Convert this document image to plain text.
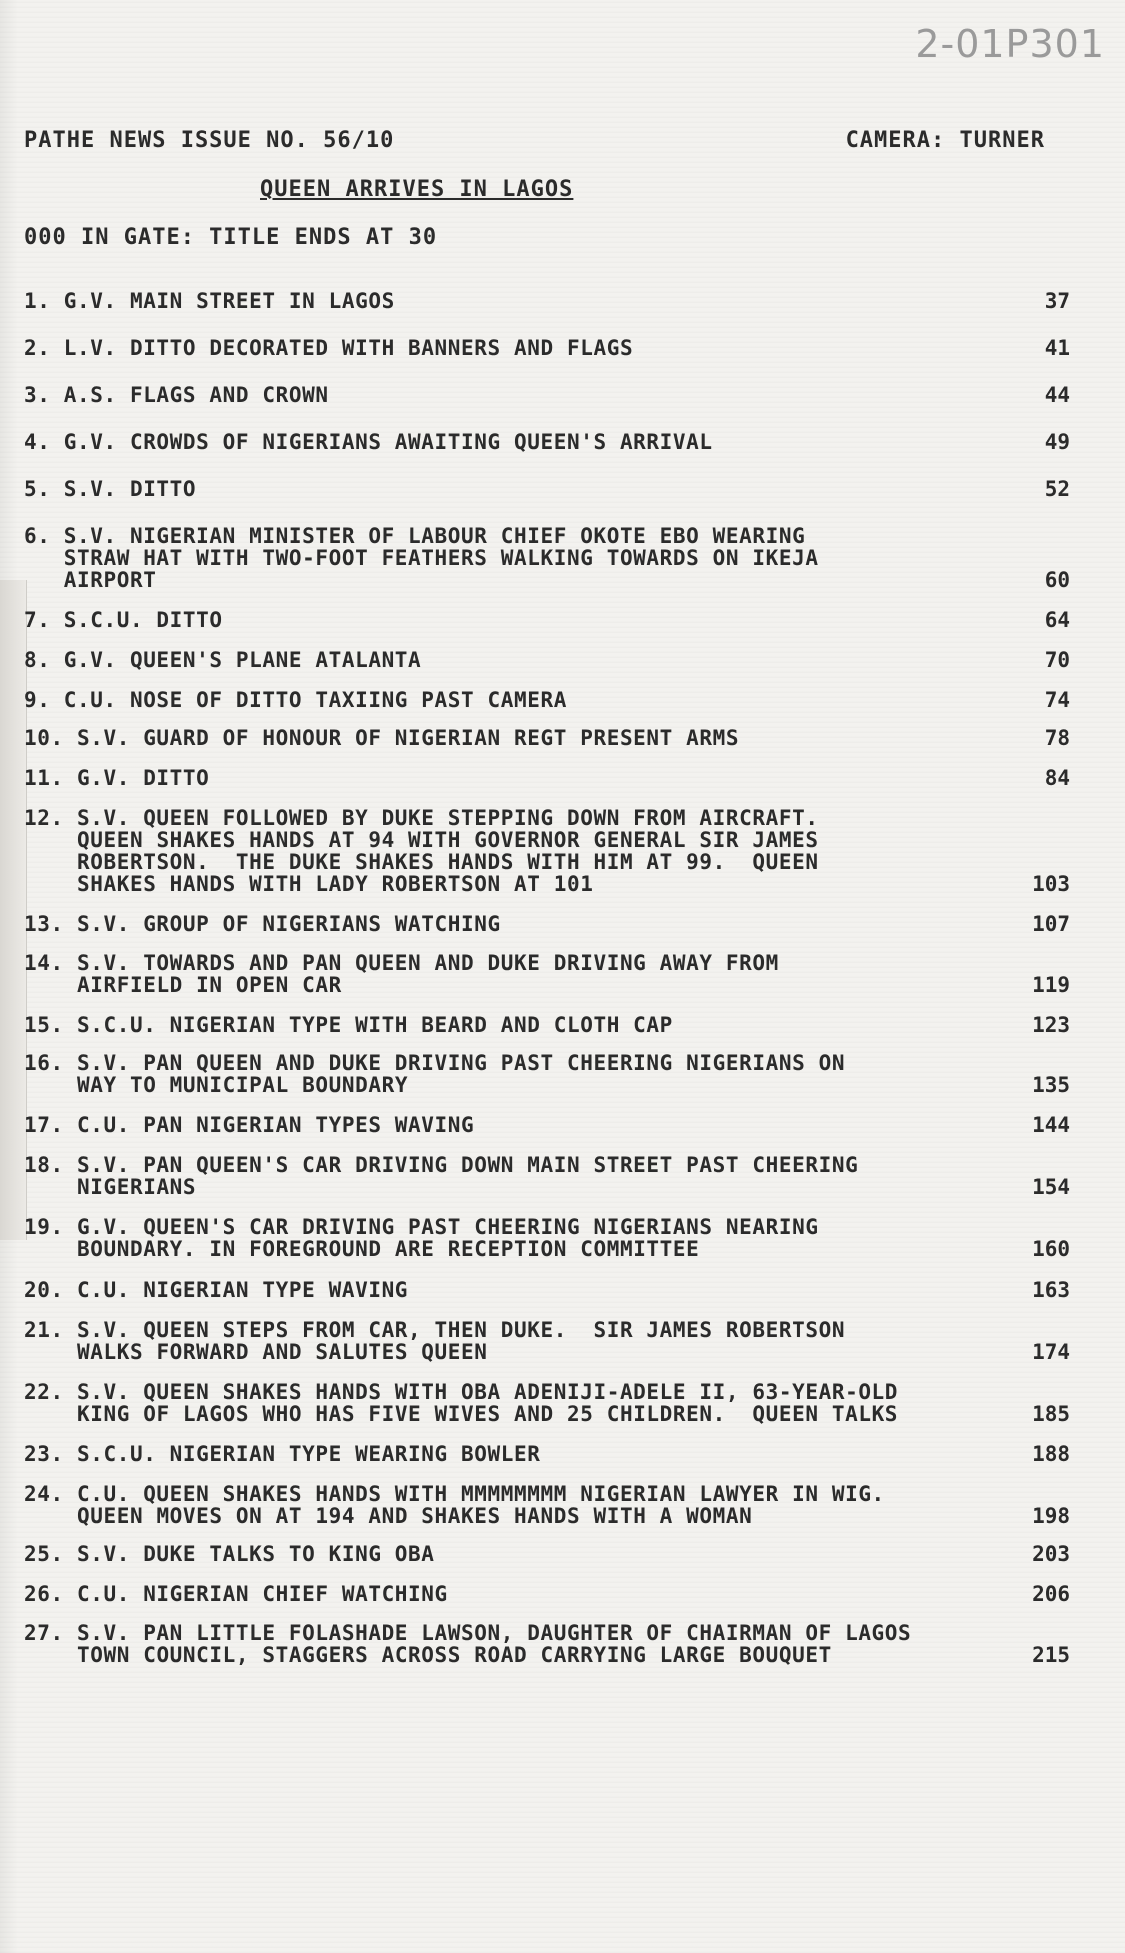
2-01P301
PATHE NEWS ISSUE NO. 56/10	CAMERA: TURNER
QUEEN ARRIVES IN LAGOS
000 IN GATE: TITLE ENDS AT 30
1. G.V. MAIN STREET IN LAGOS	37
2. L.V. DITTO DECORATED WITH BANNERS AND FLAGS	41
3. A.S. FLAGS AND CROWN	44
4. G.V. CROWDS OF NIGERIANS AWAITING QUEEN'S ARRIVAL	49
5. S.V. DITTO	52
6. S.V. NIGERIAN MINISTER OF LABOUR CHIEF OKOTE EBO WEARING
STRAW HAT WITH TWO-FOOT FEATHERS WALKING TOWARDS ON IKEJA
AIRPORT	60
7. S.C.U. DITTO	64
8. G.V. QUEEN'S PLANE ATALANTA	70
9. C.U. NOSE OF DITTO TAXIING PAST CAMERA	74
10. S.V. GUARD OF HONOUR OF NIGERIAN REGT PRESENT ARMS	78
11. G.V. DITTO	84
12. S.V. QUEEN FOLLOWED BY DUKE STEPPING DOWN FROM AIRCRAFT.
QUEEN SHAKES HANDS AT 94 WITH GOVERNOR GENERAL SIR JAMES
ROBERTSON.  THE DUKE SHAKES HANDS WITH HIM AT 99.  QUEEN
SHAKES HANDS WITH LADY ROBERTSON AT 101	103
13. S.V. GROUP OF NIGERIANS WATCHING	107
14. S.V. TOWARDS AND PAN QUEEN AND DUKE DRIVING AWAY FROM
AIRFIELD IN OPEN CAR	119
15. S.C.U. NIGERIAN TYPE WITH BEARD AND CLOTH CAP	123
16. S.V. PAN QUEEN AND DUKE DRIVING PAST CHEERING NIGERIANS ON
WAY TO MUNICIPAL BOUNDARY	135
17. C.U. PAN NIGERIAN TYPES WAVING	144
18. S.V. PAN QUEEN'S CAR DRIVING DOWN MAIN STREET PAST CHEERING
NIGERIANS	154
19. G.V. QUEEN'S CAR DRIVING PAST CHEERING NIGERIANS NEARING
BOUNDARY. IN FOREGROUND ARE RECEPTION COMMITTEE	160
20. C.U. NIGERIAN TYPE WAVING	163
21. S.V. QUEEN STEPS FROM CAR, THEN DUKE.  SIR JAMES ROBERTSON
WALKS FORWARD AND SALUTES QUEEN	174
22. S.V. QUEEN SHAKES HANDS WITH OBA ADENIJI-ADELE II, 63-YEAR-OLD
KING OF LAGOS WHO HAS FIVE WIVES AND 25 CHILDREN.  QUEEN TALKS	185
23. S.C.U. NIGERIAN TYPE WEARING BOWLER	188
24. C.U. QUEEN SHAKES HANDS WITH MMMMMMMM NIGERIAN LAWYER IN WIG.
QUEEN MOVES ON AT 194 AND SHAKES HANDS WITH A WOMAN	198
25. S.V. DUKE TALKS TO KING OBA	203
26. C.U. NIGERIAN CHIEF WATCHING	206
27. S.V. PAN LITTLE FOLASHADE LAWSON, DAUGHTER OF CHAIRMAN OF LAGOS
TOWN COUNCIL, STAGGERS ACROSS ROAD CARRYING LARGE BOUQUET	215
